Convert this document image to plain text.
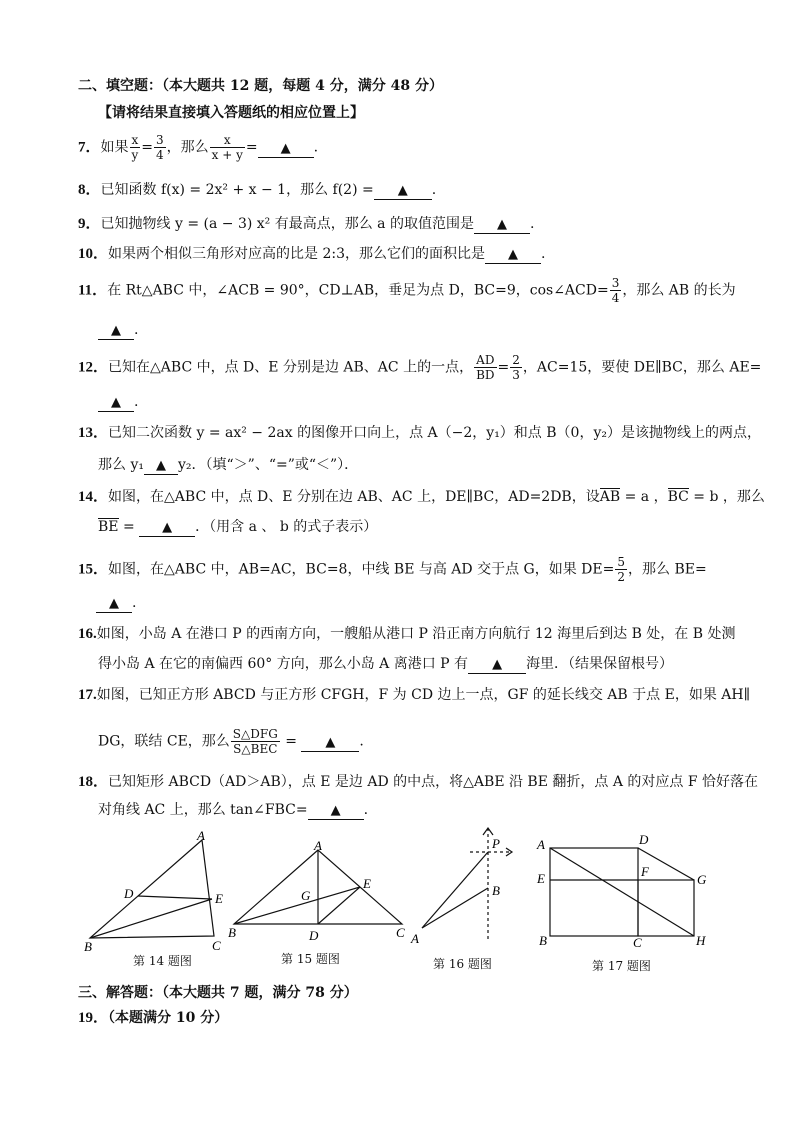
二、填空题：（本大题共 12 题，每题 4 分，满分 48 分）
【请将结果直接填入答题纸的相应位置上】
7．如果 $\frac{x}{y} = \frac{3}{4}$ ，那么 $\frac{x}{x + y}$ = ▲ .
8．已知函数 f(x) = 2x² + x − 1，那么 f(2) = ▲ .
9．已知抛物线 y = (a − 3) x² 有最高点，那么 a 的取值范围是 ▲ .
10．如果两个相似三角形对应高的比是 2:3，那么它们的面积比是 ▲ .
11．在 Rt△ABC 中，∠ACB = 90°，CD⊥AB，垂足为点 D，BC=9，cos∠ACD= $\frac{3}{4}$ ，那么 AB 的长为
▲ .
12．已知在△ABC 中，点 D、E 分别是边 AB、AC 上的一点， $\frac{AD}{BD} = \frac{2}{3}$ ，AC=15，要使 DE∥BC，那么 AE=
▲ .
13．已知二次函数 y = ax² − 2ax 的图像开口向上，点 A（−2，y₁）和点 B（0，y₂）是该抛物线上的两点，
那么 y₁ ▲ y₂．（填“＞”、“=”或“＜”）．
14．如图，在△ABC 中，点 D、E 分别在边 AB、AC 上，DE∥BC，AD=2DB，设AB = a ，BC = b ，那么
BE = ▲ ．（用含 a 、 b 的式子表示）
15．如图，在△ABC 中，AB=AC，BC=8，中线 BE 与高 AD 交于点 G，如果 $DE= \frac{5}{2}$ ，那么 BE=
▲ .
16.如图，小岛 A 在港口 P 的西南方向，一艘船从港口 P 沿正南方向航行 12 海里后到达 B 处，在 B 处测
得小岛 A 在它的南偏西 60° 方向，那么小岛 A 离港口 P 有 ▲ 海里．（结果保留根号）
17.如图，已知正方形 ABCD 与正方形 CFGH，F 为 CD 边上一点，GF 的延长线交 AB 于点 E，如果 AH∥
DG，联结 CE，那么 $\frac{\text{S△DFG}}{\text{S△BEC}}$ = ▲ .
18．已知矩形 ABCD（AD＞AB），点 E 是边 AD 的中点，将△ABE 沿 BE 翻折，点 A 的对应点 F 恰好落在
对角线 AC 上，那么 tan∠FBC= ▲ .
A
B	C
D	E
第 14 题图
A
B	C
D
E
G
第 15 题图
P
A
B
第 16 题图
A	D
E	F
G
B	C	H
第 17 题图
三、解答题：（本大题共 7 题，满分 78 分）
19．（本题满分 10 分）
